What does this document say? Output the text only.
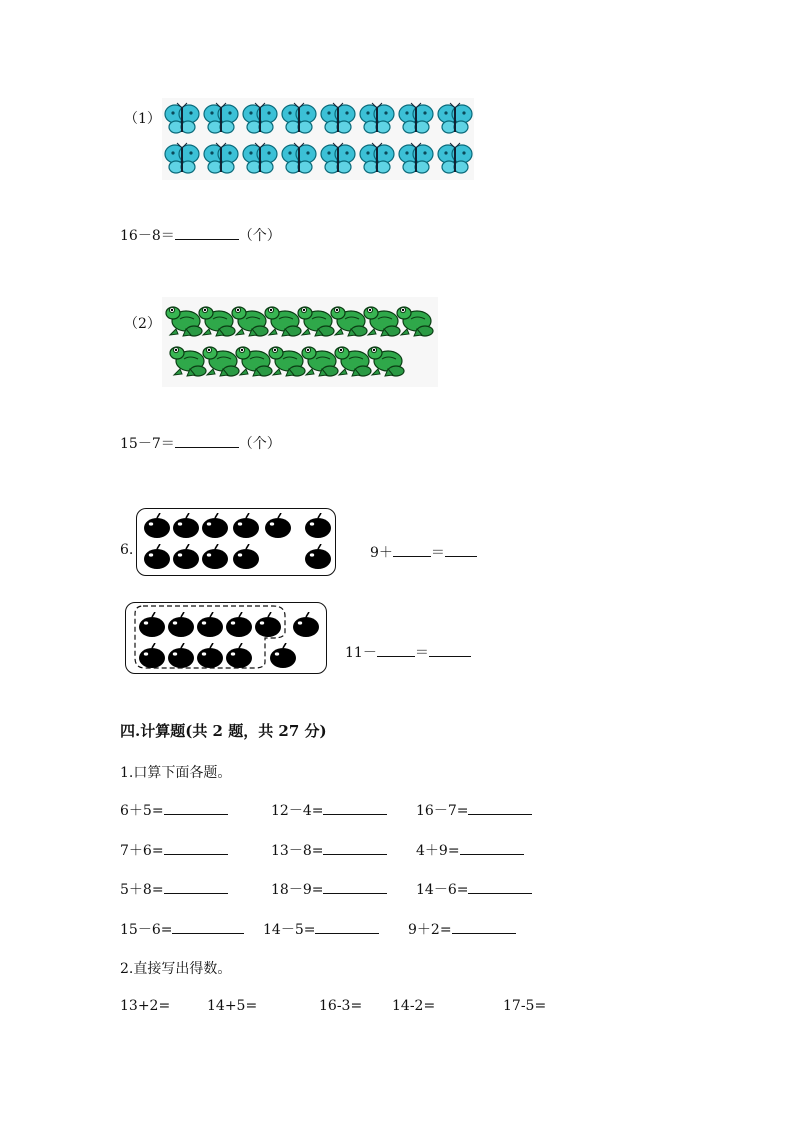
（1）
16－8＝	（个）
（2）
15－7＝	（个）
6.	9＋	＝
11－	＝
四.计算题(共 2 题，共 27 分)
1.口算下面各题。
6＋5=	12－4=	16－7=
7＋6=	13－8=	4＋9=
5＋8=	18－9=	14－6=
15－6=	14－5=	9＋2=
2.直接写出得数。
13+2=	14+5=	16-3= 14-2=	17-5=
